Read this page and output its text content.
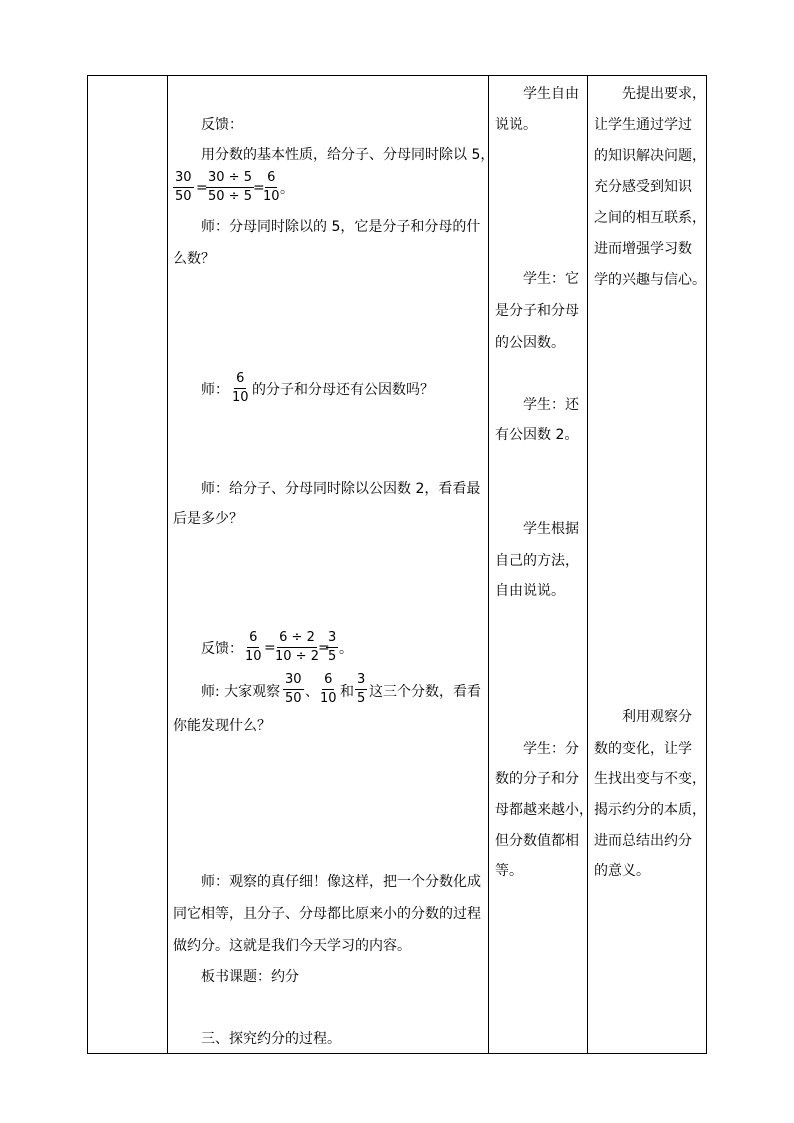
反馈：
用分数的基本性质，给分子、分母同时除以 5，
$\frac{30}{50}$ =
$\frac{30 \div 5}{50 \div 5}$ =
$\frac{6}{10}$
。
师：分母同时除以的 5，它是分子和分母的什
么数？
师： $\frac{6}{10}$ 的分子和分母还有公因数吗？
师：给分子、分母同时除以公因数 2，看看最
后是多少？
反馈： $\frac{6}{10}$ =
$\frac{6 \div 2}{10 \div 2}$
=
$\frac{3}{5}$ 。
师: 大家观察 $\frac{30}{50}$ 、 $\frac{6}{10}$ 和 $\frac{3}{5}$ 这三个分数，看看
你能发现什么？
师：观察的真仔细！像这样，把一个分数化成
同它相等，且分子、分母都比原来小的分数的过程
做约分。这就是我们今天学习的内容。
板书课题：约分
三、探究约分的过程。
学生自由
说说。
学生：它
是分子和分母
的公因数。
学生：还
有公因数 2。
学生根据
自己的方法，
自由说说。
学生：分
数的分子和分
母都越来越小，
但分数值都相
等。
先提出要求，
让学生通过学过
的知识解决问题，
充分感受到知识
之间的相互联系，
进而增强学习数
学的兴趣与信心。
利用观察分
数的变化，让学
生找出变与不变，
揭示约分的本质，
进而总结出约分
的意义。
